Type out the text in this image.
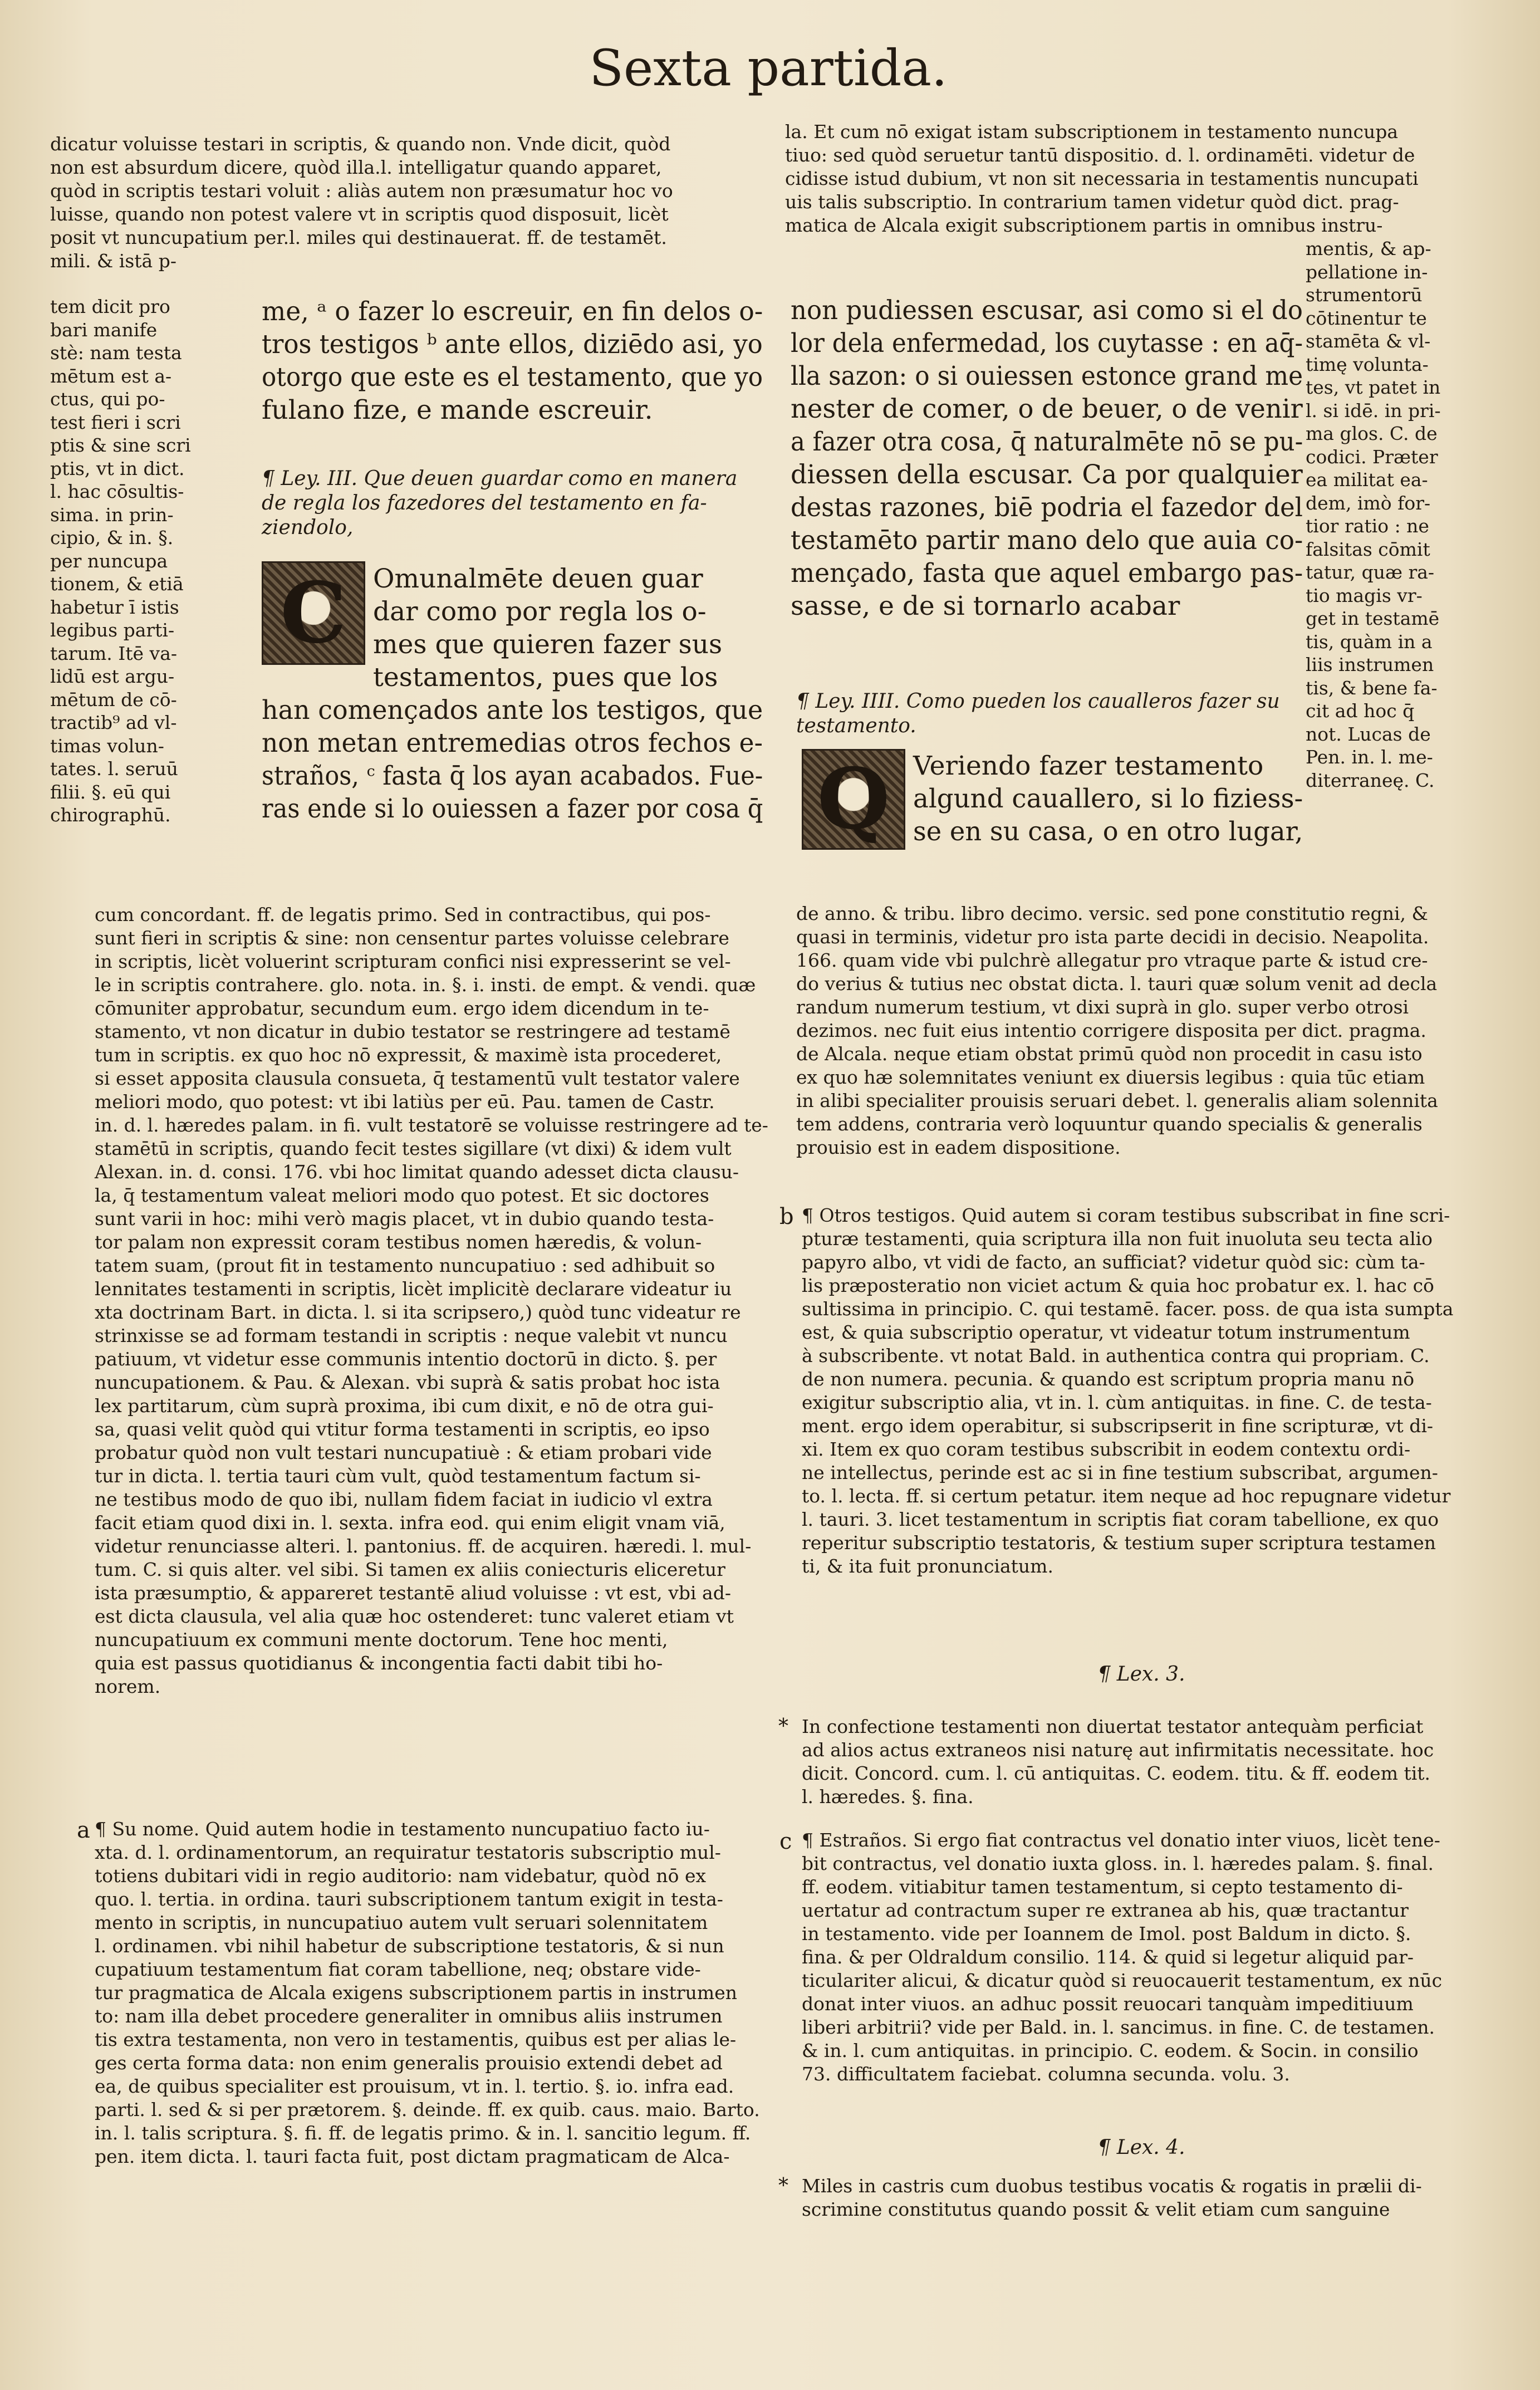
Sexta partida.
dicatur voluisse testari in scriptis, & quando non. Vnde dicit, quòd
non est absurdum dicere, quòd illa.l. intelligatur quando apparet,
quòd in scriptis testari voluit : aliàs autem non præsumatur hoc vo
luisse, quando non potest valere vt in scriptis quod disposuit, licèt
posit vt nuncupatium per.l. miles qui destinauerat. ff. de testamēt.
mili. & istā p-
tem dicit pro
bari manife
stè: nam testa
mētum est a-
ctus, qui po-
test fieri i scri
ptis & sine scri
ptis, vt in dict.
l. hac cōsultis-
sima. in prin-
cipio, & in. §.
per nuncupa
tionem, & etiā
habetur ī istis
legibus parti-
tarum. Itē va-
lidū est argu-
mētum de cō-
tractib⁹ ad vl-
timas volun-
tates. l. seruū
filii. §. eū qui
chirographū.
me, ᵃ o fazer lo escreuir, en fin delos o-
tros testigos ᵇ ante ellos, diziēdo asi, yo
otorgo que este es el testamento, que yo
fulano fize, e mande escreuir.
¶ Ley. III. Que deuen guardar como en manera
de regla los fazedores del testamento en fa-
ziendolo,
C	Omunalmēte deuen guar
dar como por regla los o-
mes que quieren fazer sus
testamentos, pues que los
han començados ante los testigos, que
non metan entremedias otros fechos e-
straños, ᶜ fasta q̄ los ayan acabados. Fue-
ras ende si lo ouiessen a fazer por cosa q̄
cum concordant. ff. de legatis primo. Sed in contractibus, qui pos-
sunt fieri in scriptis & sine: non censentur partes voluisse celebrare
in scriptis, licèt voluerint scripturam confici nisi expresserint se vel-
le in scriptis contrahere. glo. nota. in. §. i. insti. de empt. & vendi. quæ
cōmuniter approbatur, secundum eum. ergo idem dicendum in te-
stamento, vt non dicatur in dubio testator se restringere ad testamē
tum in scriptis. ex quo hoc nō expressit, & maximè ista procederet,
si esset apposita clausula consueta, q̄ testamentū vult testator valere
meliori modo, quo potest: vt ibi latiùs per eū. Pau. tamen de Castr.
in. d. l. hæredes palam. in fi. vult testatorē se voluisse restringere ad te-
stamētū in scriptis, quando fecit testes sigillare (vt dixi) & idem vult
Alexan. in. d. consi. 176. vbi hoc limitat quando adesset dicta clausu-
la, q̄ testamentum valeat meliori modo quo potest. Et sic doctores
sunt varii in hoc: mihi verò magis placet, vt in dubio quando testa-
tor palam non expressit coram testibus nomen hæredis, & volun-
tatem suam, (prout fit in testamento nuncupatiuo : sed adhibuit so
lennitates testamenti in scriptis, licèt implicitè declarare videatur iu
xta doctrinam Bart. in dicta. l. si ita scripsero,) quòd tunc videatur re
strinxisse se ad formam testandi in scriptis : neque valebit vt nuncu
patiuum, vt videtur esse communis intentio doctorū in dicto. §. per
nuncupationem. & Pau. & Alexan. vbi suprà & satis probat hoc ista
lex partitarum, cùm suprà proxima, ibi cum dixit, e nō de otra gui-
sa, quasi velit quòd qui vtitur forma testamenti in scriptis, eo ipso
probatur quòd non vult testari nuncupatiuè : & etiam probari vide
tur in dicta. l. tertia tauri cùm vult, quòd testamentum factum si-
ne testibus modo de quo ibi, nullam fidem faciat in iudicio vl extra
facit etiam quod dixi in. l. sexta. infra eod. qui enim eligit vnam viā,
videtur renunciasse alteri. l. pantonius. ff. de acquiren. hæredi. l. mul-
tum. C. si quis alter. vel sibi. Si tamen ex aliis coniecturis eliceretur
ista præsumptio, & appareret testantē aliud voluisse : vt est, vbi ad-
est dicta clausula, vel alia quæ hoc ostenderet: tunc valeret etiam vt
nuncupatiuum ex communi mente doctorum. Tene hoc menti,
quia est passus quotidianus & incongentia facti dabit tibi ho-
norem.
a ¶ Su nome. Quid autem hodie in testamento nuncupatiuo facto iu-
xta. d. l. ordinamentorum, an requiratur testatoris subscriptio mul-
totiens dubitari vidi in regio auditorio: nam videbatur, quòd nō ex
quo. l. tertia. in ordina. tauri subscriptionem tantum exigit in testa-
mento in scriptis, in nuncupatiuo autem vult seruari solennitatem
l. ordinamen. vbi nihil habetur de subscriptione testatoris, & si nun
cupatiuum testamentum fiat coram tabellione, neq; obstare vide-
tur pragmatica de Alcala exigens subscriptionem partis in instrumen
to: nam illa debet procedere generaliter in omnibus aliis instrumen
tis extra testamenta, non vero in testamentis, quibus est per alias le-
ges certa forma data: non enim generalis prouisio extendi debet ad
ea, de quibus specialiter est prouisum, vt in. l. tertio. §. io. infra ead.
parti. l. sed & si per prætorem. §. deinde. ff. ex quib. caus. maio. Barto.
in. l. talis scriptura. §. fi. ff. de legatis primo. & in. l. sancitio legum. ff.
pen. item dicta. l. tauri facta fuit, post dictam pragmaticam de Alca-
la. Et cum nō exigat istam subscriptionem in testamento nuncupa
tiuo: sed quòd seruetur tantū dispositio. d. l. ordinamēti. videtur de
cidisse istud dubium, vt non sit necessaria in testamentis nuncupati
uis talis subscriptio. In contrarium tamen videtur quòd dict. prag-
matica de Alcala exigit subscriptionem partis in omnibus instru-
mentis, & ap-
pellatione in-
strumentorū
cōtinentur te
stamēta & vl-
timę volunta-
tes, vt patet in
l. si idē. in pri-
ma glos. C. de
codici. Præter
ea militat ea-
dem, imò for-
tior ratio : ne
falsitas cōmit
tatur, quæ ra-
tio magis vr-
get in testamē
tis, quàm in a
liis instrumen
tis, & bene fa-
cit ad hoc q̄
not. Lucas de
Pen. in. l. me-
diterraneę. C.
non pudiessen escusar, asi como si el do
lor dela enfermedad, los cuytasse : en aq̄-
lla sazon: o si ouiessen estonce grand me
nester de comer, o de beuer, o de venir
a fazer otra cosa, q̄ naturalmēte nō se pu-
diessen della escusar. Ca por qualquier
destas razones, biē podria el fazedor del
testamēto partir mano delo que auia co-
mençado, fasta que aquel embargo pas-
sasse, e de si tornarlo acabar
¶ Ley. IIII. Como pueden los caualleros fazer su
testamento.
Q Veriendo fazer testamento
algund cauallero, si lo fiziess-
se en su casa, o en otro lugar,
de anno. & tribu. libro decimo. versic. sed pone constitutio regni, &
quasi in terminis, videtur pro ista parte decidi in decisio. Neapolita.
166. quam vide vbi pulchrè allegatur pro vtraque parte & istud cre-
do verius & tutius nec obstat dicta. l. tauri quæ solum venit ad decla
randum numerum testium, vt dixi suprà in glo. super verbo otrosi
dezimos. nec fuit eius intentio corrigere disposita per dict. pragma.
de Alcala. neque etiam obstat primū quòd non procedit in casu isto
ex quo hæ solemnitates veniunt ex diuersis legibus : quia tūc etiam
in alibi specialiter prouisis seruari debet. l. generalis aliam solennita
tem addens, contraria verò loquuntur quando specialis & generalis
prouisio est in eadem dispositione.
b ¶ Otros testigos. Quid autem si coram testibus subscribat in fine scri-
pturæ testamenti, quia scriptura illa non fuit inuoluta seu tecta alio
papyro albo, vt vidi de facto, an sufficiat? videtur quòd sic: cùm ta-
lis præposteratio non viciet actum & quia hoc probatur ex. l. hac cō
sultissima in principio. C. qui testamē. facer. poss. de qua ista sumpta
est, & quia subscriptio operatur, vt videatur totum instrumentum
à subscribente. vt notat Bald. in authentica contra qui propriam. C.
de non numera. pecunia. & quando est scriptum propria manu nō
exigitur subscriptio alia, vt in. l. cùm antiquitas. in fine. C. de testa-
ment. ergo idem operabitur, si subscripserit in fine scripturæ, vt di-
xi. Item ex quo coram testibus subscribit in eodem contextu ordi-
ne intellectus, perinde est ac si in fine testium subscribat, argumen-
to. l. lecta. ff. si certum petatur. item neque ad hoc repugnare videtur
l. tauri. 3. licet testamentum in scriptis fiat coram tabellione, ex quo
reperitur subscriptio testatoris, & testium super scriptura testamen
ti, & ita fuit pronunciatum.
¶ Lex. 3.
* In confectione testamenti non diuertat testator antequàm perficiat
ad alios actus extraneos nisi naturę aut infirmitatis necessitate. hoc
dicit. Concord. cum. l. cū antiquitas. C. eodem. titu. & ff. eodem tit.
l. hæredes. §. fina.
c ¶ Estraños. Si ergo fiat contractus vel donatio inter viuos, licèt tene-
bit contractus, vel donatio iuxta gloss. in. l. hæredes palam. §. final.
ff. eodem. vitiabitur tamen testamentum, si cepto testamento di-
uertatur ad contractum super re extranea ab his, quæ tractantur
in testamento. vide per Ioannem de Imol. post Baldum in dicto. §.
fina. & per Oldraldum consilio. 114. & quid si legetur aliquid par-
ticulariter alicui, & dicatur quòd si reuocauerit testamentum, ex nūc
donat inter viuos. an adhuc possit reuocari tanquàm impeditiuum
liberi arbitrii? vide per Bald. in. l. sancimus. in fine. C. de testamen.
& in. l. cum antiquitas. in principio. C. eodem. & Socin. in consilio
73. difficultatem faciebat. columna secunda. volu. 3.
¶ Lex. 4.
* Miles in castris cum duobus testibus vocatis & rogatis in prælii di-
scrimine constitutus quando possit & velit etiam cum sanguine
